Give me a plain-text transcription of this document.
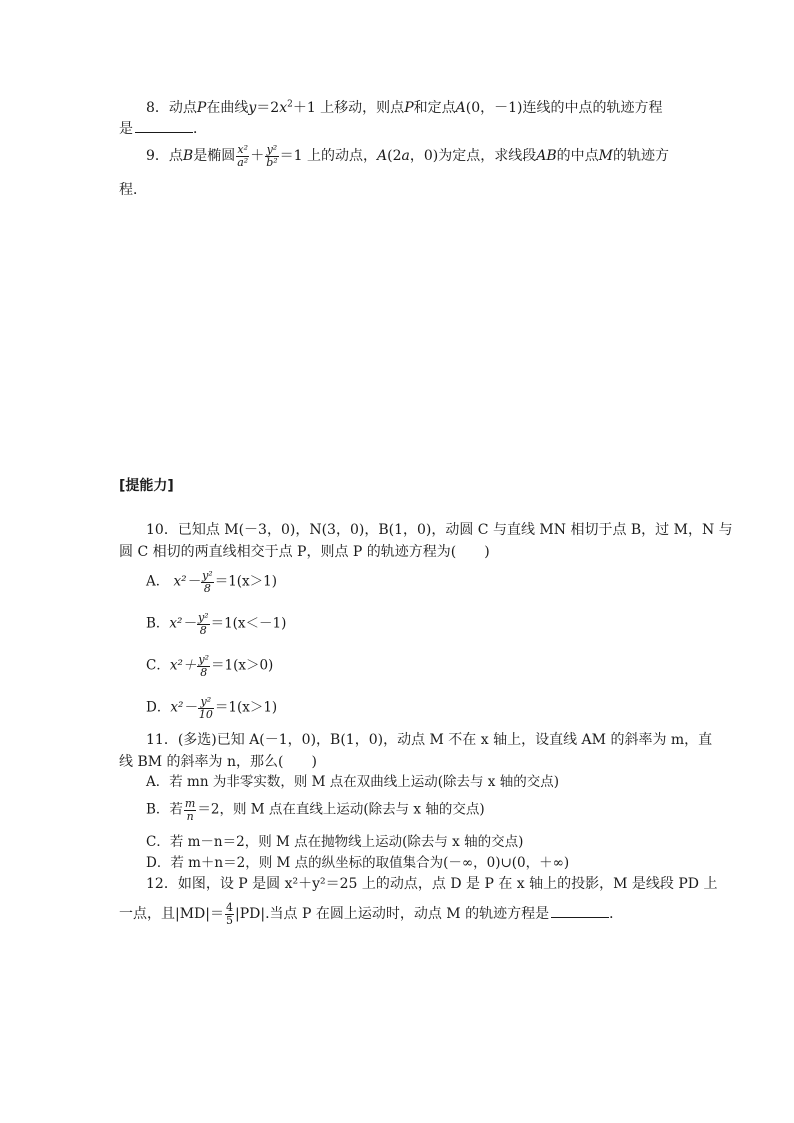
8．动点P在曲线$y=2x^2+1$ 上移动，则点P和定点A(0，－1)连线的中点的轨迹方程
是	．
9．点B是椭圆 $\frac{\text{x²}}{\text{a²}} + \frac{\text{y²}}{\text{b²}} =1$ 上的动点，A(2a，0)为定点，求线段AB的中点M的轨迹方
程．
[提能力]
10．已知点 M(－3，0)，N(3，0)，B(1，0)，动圆 C 与直线 MN 相切于点 B，过 M，N 与
圆 C 相切的两直线相交于点 P，则点 P 的轨迹方程为(　　)
A． $x^2- \frac{\text{y²}}{8} =1(x>1)$
B．$x^2- \frac{\text{y²}}{8} =1(x<-1)$
C．$x^2+ \frac{\text{y²}}{8} =1(x>0)$
D．$x^2- \frac{\text{y²}}{10} =1(x>1)$
11．(多选)已知 A(－1，0)，B(1，0)，动点 M 不在 x 轴上，设直线 AM 的斜率为 m，直
线 BM 的斜率为 n，那么(　　)
A．若 mn 为非零实数，则 M 点在双曲线上运动(除去与 x 轴的交点)
B．若 $\frac{m}{n} =2$，则 M 点在直线上运动(除去与 x 轴的交点)
C．若 m－n＝2，则 M 点在抛物线上运动(除去与 x 轴的交点)
D．若 m＋n＝2，则 M 点的纵坐标的取值集合为(－∞，0)∪(0，＋∞)
12．如图，设 P 是圆 x²＋y²＝25 上的动点，点 D 是 P 在 x 轴上的投影，M 是线段 PD 上
一点，且$|MD|= \frac{4}{5} |PD|$.当点 P 在圆上运动时，动点 M 的轨迹方程是	．
